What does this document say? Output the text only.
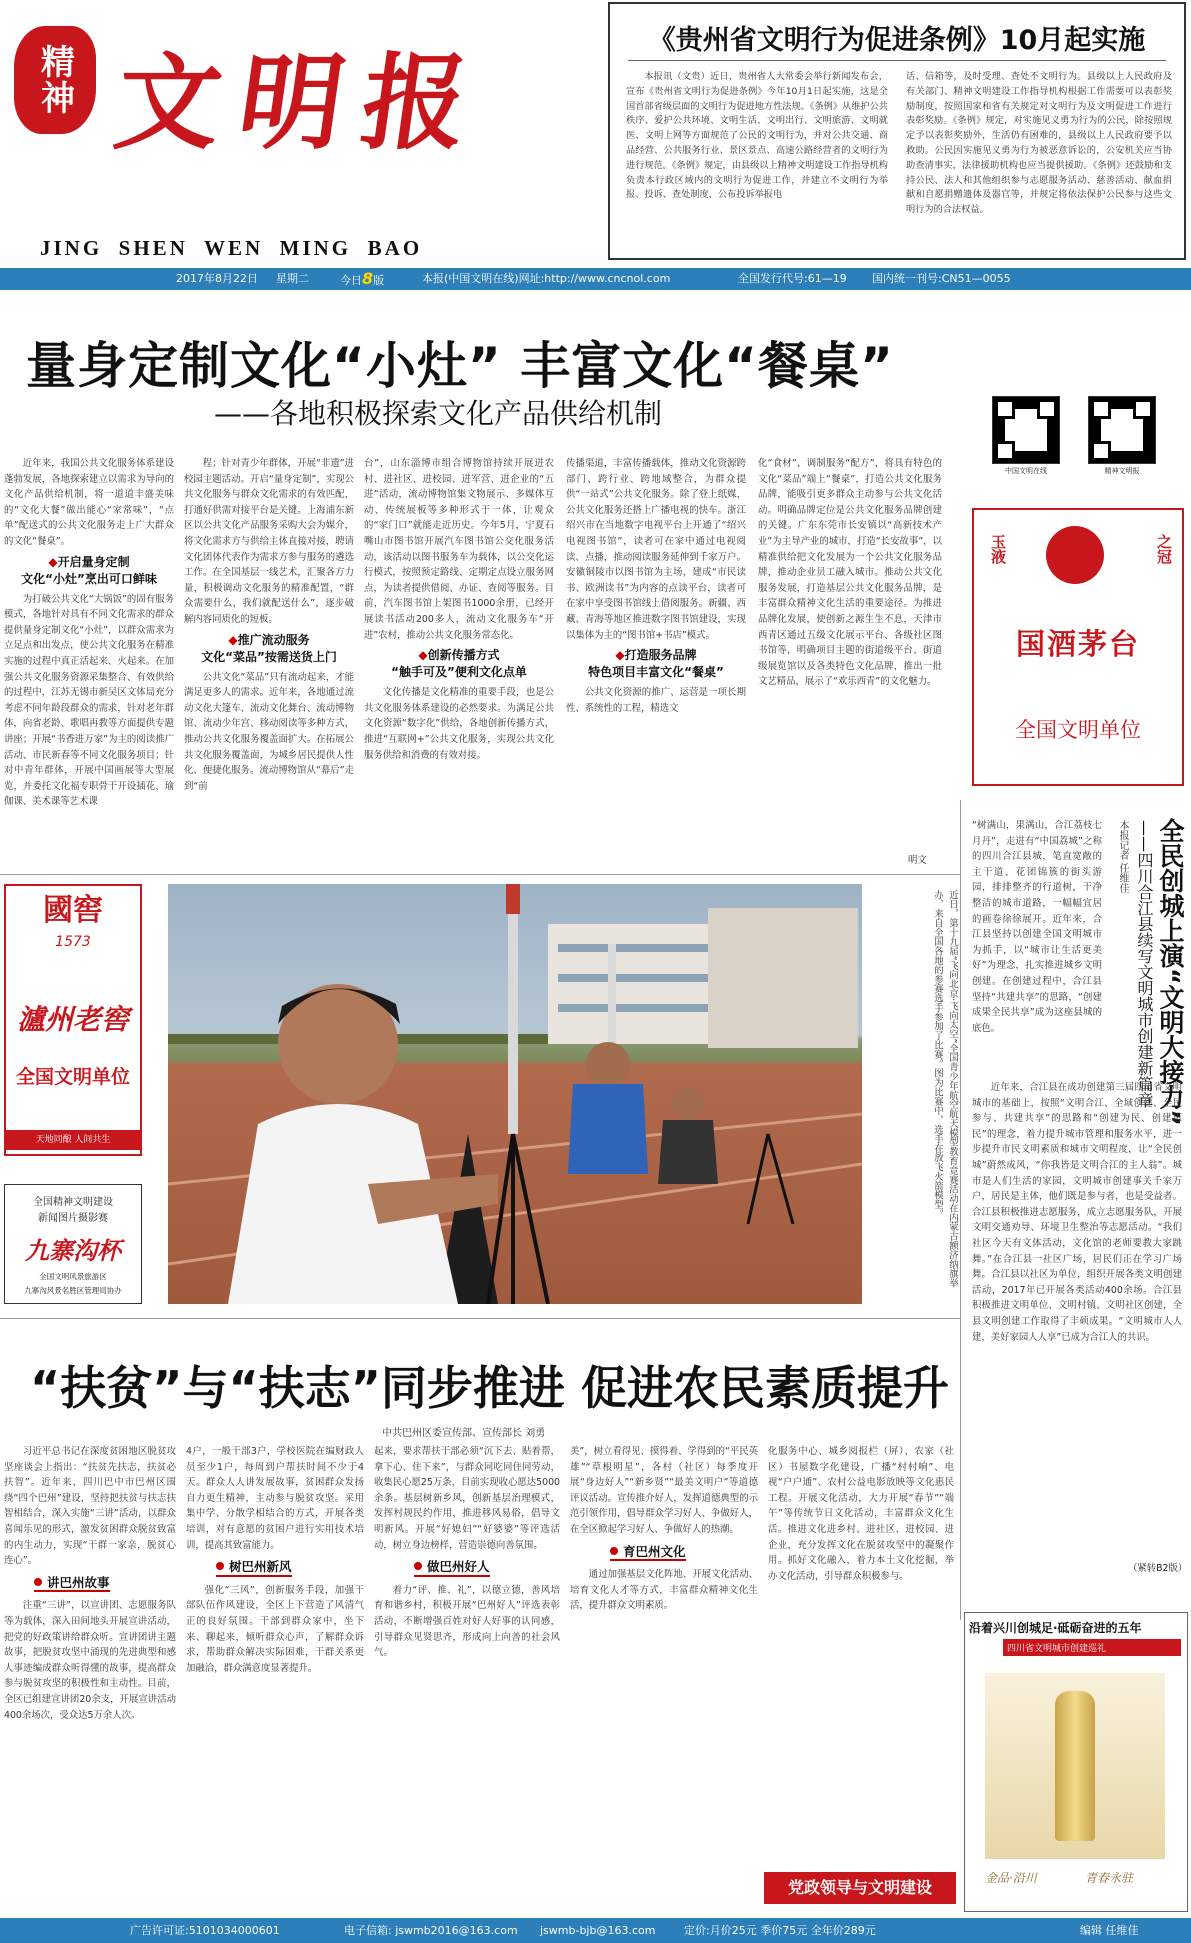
精神 文 明 报
JING  SHEN  WEN  MING  BAO
《贵州省文明行为促进条例》10月起实施

本报讯（文贵）近日，贵州省人大常委会举行新闻发布会，宣布《贵州省文明行为促进条例》今年10月1日起实施，这是全国首部省级层面的文明行为促进地方性法规。《条例》从维护公共秩序、爱护公共环境、文明生活、文明出行、文明旅游、文明就医、文明上网等方面规范了公民的文明行为，并对公共交通、商品经营、公共服务行业、景区景点、高速公路经营者的文明行为进行规范。《条例》规定，由县级以上精神文明建设工作指导机构负责本行政区域内的文明行为促进工作，并建立不文明行为举报、投诉、查处制度，公布投诉举报电

话、信箱等，及时受理、查处不文明行为。县级以上人民政府及有关部门、精神文明建设工作指导机构根据工作需要可以表彰奖励制度，按照国家和省有关规定对文明行为及文明促进工作进行表彰奖励。《条例》规定，对实施见义勇为行为的公民，除按照规定予以表彰奖励外，生活仍有困难的，县级以上人民政府要予以救助。公民因实施见义勇为行为被恶意诉讼的，公安机关应当协助查清事实，法律援助机构也应当提供援助。《条例》还鼓励和支持公民、法人和其他组织参与志愿服务活动、慈善活动、献血捐献和自愿捐赠遗体及器官等，并规定将依法保护公民参与这些文明行为的合法权益。

2017年8月22日 星期二	今日8版	本报(中国文明在线)网址:http://www.cncnol.com	全国发行代号:61—19 国内统一刊号:CN51—0055
量身定制文化“小灶” 丰富文化“餐桌”
——各地积极探索文化产品供给机制
中国文明在线	精神文明报
玉液	之冠
国酒茅台
全国文明单位

近年来，我国公共文化服务体系建设蓬勃发展，各地探索建立以需求为导向的文化产品供给机制，将一道道丰盛美味的“文化大餐”做出能心“家常味”，“点单”配送式的公共文化服务走上广大群众的文化“餐桌”。

◆开启量身定制
文化“小灶”烹出可口鲜味

为打破公共文化“大锅饭”的固有服务模式，各地针对具有不同文化需求的群众提供量身定制文化“小灶”，以群众需求为立足点和出发点，使公共文化服务在精准实施的过程中真正活起来、火起来。在加强公共文化服务资源采集整合、有效供给的过程中，江苏无锡市新吴区文体局充分考虑不同年龄段群众的需求，针对老年群体，向省老龄、歌唱再教等方面提供专题讲座；开展“书香进万家”为主的阅读推广活动、市民新春等不同文化服务项目；针对中青年群体，开展中国画展等大型展览，并委托文化福专职骨干开设插花、瑜伽课、美术课等艺术课

程；针对青少年群体，开展“非遗”进校园主题活动。开启“量身定制”，实现公共文化服务与群众文化需求的有效匹配，打通好供需对接平台是关键。上海浦东新区以公共文化产品服务采购大会为媒介，将文化需求方与供给主体直接对接，聘请文化团体代表作为需求方参与服务的遴选工作。在全国基层一线艺术，汇聚各方力量，积极调动文化服务的精准配置，“群众需要什么，我们就配送什么”，逐步破解内容同质化的短板。

◆推广流动服务
文化“菜品”按需送货上门

公共文化“菜品”只有流动起来，才能满足更多人的需求。近年来，各地通过流动文化大篷车、流动文化舞台、流动博物馆、流动少年宫、移动阅读等多种方式，推动公共文化服务覆盖面扩大。在拓展公共文化服务覆盖面，为城乡居民提供人性化、便捷化服务。流动博物馆从“幕后”走到“前

台”，山东淄博市组合博物馆持续开展进农村、进社区、进校园、进军营、进企业的“五进”活动，流动博物馆集文物展示、多媒体互动、传统展板等多种形式于一体，让观众的“家门口”就能走近历史。今年5月，宁夏石嘴山市图书馆开展汽车图书馆公交化服务活动，该活动以图书服务车为载体，以公交化运行模式，按照预定路线、定期定点设立服务网点，为读者提供借阅、办证、查阅等服务。目前，汽车图书馆上架图书1000余册，已经开展读书活动200多人，流动文化服务车“开进”农村，推动公共文化服务常态化。

◆创新传播方式
“触手可及”便利文化点单

文化传播是文化精准的重要手段，也是公共文化服务体系建设的必然要求。为满足公共文化资源“数字化”供给，各地创新传播方式，推进“互联网+”公共文化服务，实现公共文化服务供给和消费的有效对接。

传播渠道，丰富传播载体，推动文化资源跨部门、跨行业、跨地域整合，为群众提供“一站式”公共文化服务。除了登上纸媒，公共文化服务还搭上广播电视的快车。浙江绍兴市在当地数字电视平台上开通了“绍兴电视图书馆”，读者可在家中通过电视阅读、点播，推动阅读服务延伸到千家万户。安徽铜陵市以图书馆为主场，建成“市民读书、欧洲读书”为内容的点读平台，读者可在家中享受图书馆线上借阅服务。新疆、西藏、青海等地区推进数字图书馆建设，实现以集体为主的“图书馆+书店”模式。

◆打造服务品牌
特色项目丰富文化“餐桌”

公共文化资源的推广、运营是一项长期性、系统性的工程，精选文

化“食材”，调制服务“配方”，将具有特色的文化“菜品”端上“餐桌”，打造公共文化服务品牌，能吸引更多群众主动参与公共文化活动。明确品牌定位是公共文化服务品牌创建的关键。广东东莞市长安镇以“高新技术产业”为主导产业的城市，打造“长安故事”，以精准供给把文化发展为一个公共文化服务品牌，推动企业员工融入城市。推动公共文化服务发展，打造基层公共文化服务品牌，是丰富群众精神文化生活的重要途径。为推进品牌化发展，使创新之源生生不息，天津市西青区通过五级文化展示平台、各级社区图书馆等，明确项目主题的街道级平台、街道级展览馆以及各类特色文化品牌，推出一批文艺精品，展示了“欢乐西青”的文化魅力。

明文
國窖
1573
瀘州老窖
全国文明单位
天地同酿 人间共生
全国精神文明建设
新闻图片摄影赛
九寨沟杯
全国文明风景旅游区
九寨沟风景名胜区管理局协办
近日，第十九届“飞向北京·飞向太空”全国青少年航空航天模型教育竞赛活动在内蒙古额济纳旗举办，来自全国各地的参赛选手参加了比赛。图为比赛中，选手在放飞火箭模型。	全民创城上演“文明大接力”
——四川合江县续写文明城市创建新篇章
本报记者 任维佳

“树满山，果满山，合江荔枝七月丹”，走进有“中国荔城”之称的四川合江县城，笔直宽敞的主干道、花团锦簇的街头游园，排排整齐的行道树，干净整洁的城市道路，一幅幅宜居的画卷徐徐展开。近年来，合江县坚持以创建全国文明城市为抓手，以“城市让生活更美好”为理念，扎实推进城乡文明创建。在创建过程中，合江县坚持“共建共享”的思路，“创建成果全民共享”成为这座县城的底色。

近年来，合江县在成功创建第三届四川省文明城市的基础上，按照“文明合江、全域创建、全民参与、共建共享”的思路和“创建为民、创建惠民”的理念，着力提升城市管理和服务水平，进一步提升市民文明素质和城市文明程度，让“全民创城”蔚然成风，“你我皆是文明合江的主人翁”。城市是人们生活的家园，文明城市创建事关千家万户，居民是主体，他们既是参与者，也是受益者。合江县积极推进志愿服务，成立志愿服务队，开展文明交通劝导、环境卫生整治等志愿活动。“我们社区今天有文体活动，文化馆的老师要教大家跳舞。”在合江县一社区广场，居民们正在学习广场舞。合江县以社区为单位，组织开展各类文明创建活动，2017年已开展各类活动400余场。合江县积极推进文明单位、文明村镇、文明社区创建，全县文明创建工作取得了丰硕成果。“文明城市人人建，美好家园人人享”已成为合江人的共识。

（紧转B2版）
“扶贫”与“扶志”同步推进 促进农民素质提升
中共巴州区委宣传部、宣传部长 刘勇

习近平总书记在深度贫困地区脱贫攻坚座谈会上指出：“扶贫先扶志，扶贫必扶智”。近年来，四川巴中市巴州区围绕“四个巴州”建设，坚持把扶贫与扶志扶智相结合，深入实施“三讲”活动，以群众喜闻乐见的形式，激发贫困群众脱贫致富的内生动力，实现“干群一家亲，脱贫心连心”。

讲巴州故事

注重“三讲”，以宣讲团、志愿服务队等为载体，深入田间地头开展宣讲活动，把党的好政策讲给群众听。宣讲团讲主题故事，把脱贫攻坚中涌现的先进典型和感人事迹编成群众听得懂的故事，提高群众参与脱贫攻坚的积极性和主动性。目前，全区已组建宣讲团20余支，开展宣讲活动400余场次，受众达5万余人次。

4户，一般干部3户，学校医院在编财政人员至少1户，每周到户帮扶时间不少于4天。群众人人讲发展故事，贫困群众发扬自力更生精神，主动参与脱贫攻坚。采用集中学、分散学相结合的方式，开展各类培训，对有意愿的贫困户进行实用技术培训，提高其致富能力。

树巴州新风

强化“三风”，创新服务手段，加强干部队伍作风建设，全区上下营造了风清气正的良好氛围。干部到群众家中，坐下来、聊起来，倾听群众心声，了解群众诉求，帮助群众解决实际困难，干群关系更加融洽，群众满意度显著提升。

起来，要求帮扶干部必须“沉下去、贴着帮，拿下心、住下来”，与群众同吃同住同劳动，收集民心愿25万条，目前实现收心愿达5000余条。基层树新乡风，创新基层治理模式，发挥村规民约作用，推进移风易俗，倡导文明新风。开展“好媳妇”“好婆婆”等评选活动，树立身边榜样，营造崇德向善氛围。

做巴州好人

着力“评、推、礼”，以德立德，善风培育和谐乡村，积极开展“巴州好人”评选表彰活动，不断增强百姓对好人好事的认同感，引导群众见贤思齐，形成向上向善的社会风气。

美”，树立看得见、摸得着、学得到的“平民英雄”“草根明星”，各村（社区）每季度开展“身边好人”“新乡贤”“最美文明户”等道德评议活动。宣传推介好人，发挥道德典型的示范引领作用，倡导群众学习好人、争做好人，在全区掀起学习好人、争做好人的热潮。

育巴州文化

通过加强基层文化阵地、开展文化活动、培育文化人才等方式，丰富群众精神文化生活，提升群众文明素质。

化服务中心、城乡阅报栏（屏）、农家（社区）书屋数字化建设，广播“村村响”、电视“户户通”、农村公益电影放映等文化惠民工程。开展文化活动，大力开展“春节”“端午”等传统节日文化活动，丰富群众文化生活。推进文化进乡村、进社区、进校园、进企业，充分发挥文化在脱贫攻坚中的凝聚作用。抓好文化融入，着力本土文化挖掘，举办文化活动，引导群众积极参与。

党政领导与文明建设
沿着兴川创城足·砥砺奋进的五年
四川省文明城市创建巡礼
金品·沿川	青春永驻
广告许可证:5101034000601	电子信箱: jswmb2016@163.com jswmb-bjb@163.com	定价:月价25元 季价75元 全年价289元	编辑 任维佳
